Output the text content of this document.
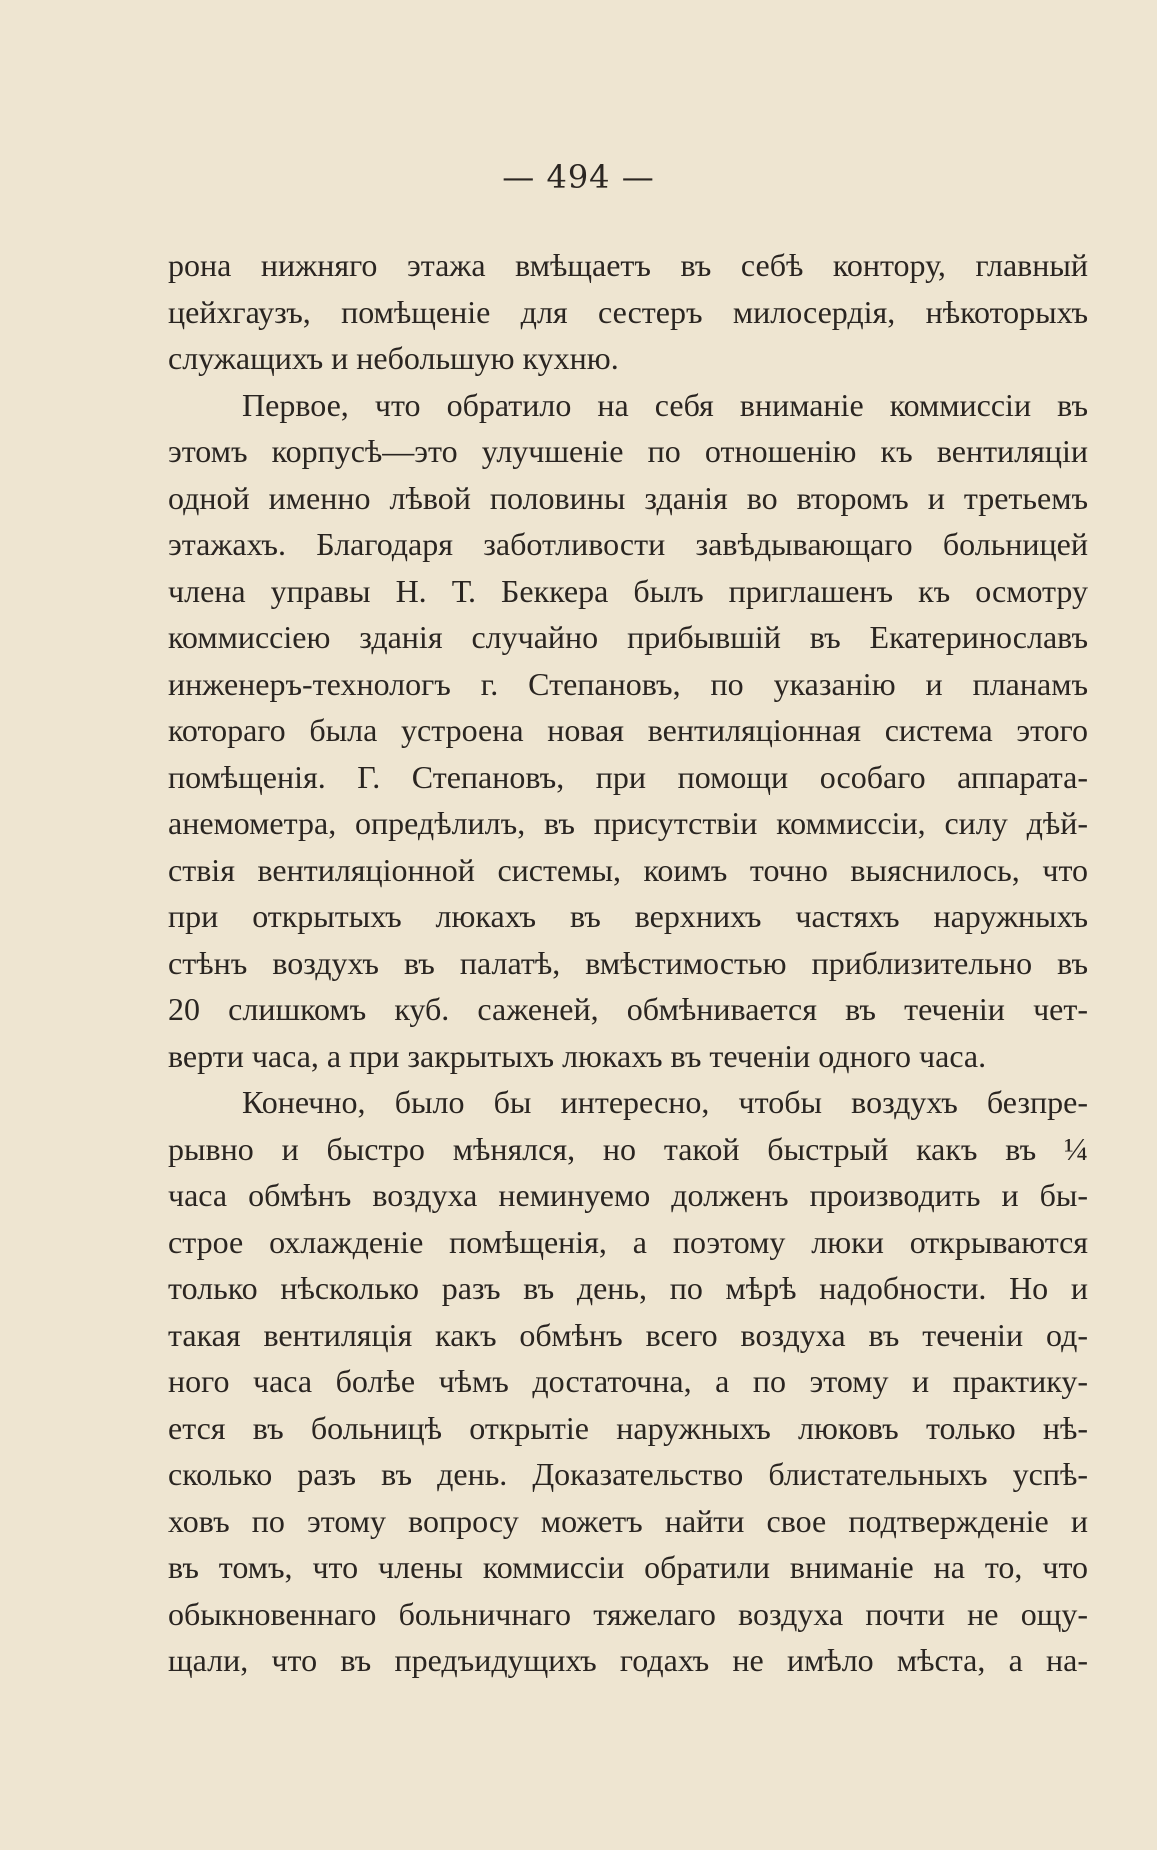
— 494 —
рона нижняго этажа вмѣщаетъ въ себѣ контору, главный
цейхгаузъ, помѣщеніе для сестеръ милосердія, нѣкоторыхъ
служащихъ и небольшую кухню.
Первое, что обратило на себя вниманіе коммиссіи въ
этомъ корпусѣ—это улучшеніе по отношенію къ вентиляціи
одной именно лѣвой половины зданія во второмъ и третьемъ
этажахъ. Благодаря заботливости завѣдывающаго больницей
члена управы Н. Т. Беккера былъ приглашенъ къ осмотру
коммиссіею зданія случайно прибывшій въ Екатеринославъ
инженеръ-технологъ г. Степановъ, по указанію и планамъ
котораго была устроена новая вентиляціонная система этого
помѣщенія. Г. Степановъ, при помощи особаго аппарата-
анемометра, опредѣлилъ, въ присутствіи коммиссіи, силу дѣй-
ствія вентиляціонной системы, коимъ точно выяснилось, что
при открытыхъ люкахъ въ верхнихъ частяхъ наружныхъ
стѣнъ воздухъ въ палатѣ, вмѣстимостью приблизительно въ
20 слишкомъ куб. саженей, обмѣнивается въ теченіи чет-
верти часа, а при закрытыхъ люкахъ въ теченіи одного часа.
Конечно, было бы интересно, чтобы воздухъ безпре-
рывно и быстро мѣнялся, но такой быстрый какъ въ ¼
часа обмѣнъ воздуха неминуемо долженъ производить и бы-
строе охлажденіе помѣщенія, а поэтому люки открываются
только нѣсколько разъ въ день, по мѣрѣ надобности. Но и
такая вентиляція какъ обмѣнъ всего воздуха въ теченіи од-
ного часа болѣе чѣмъ достаточна, а по этому и практику-
ется въ больницѣ открытіе наружныхъ люковъ только нѣ-
сколько разъ въ день. Доказательство блистательныхъ успѣ-
ховъ по этому вопросу можетъ найти свое подтвержденіе и
въ томъ, что члены коммиссіи обратили вниманіе на то, что
обыкновеннаго больничнаго тяжелаго воздуха почти не ощу-
щали, что въ предъидущихъ годахъ не имѣло мѣста, а на-
